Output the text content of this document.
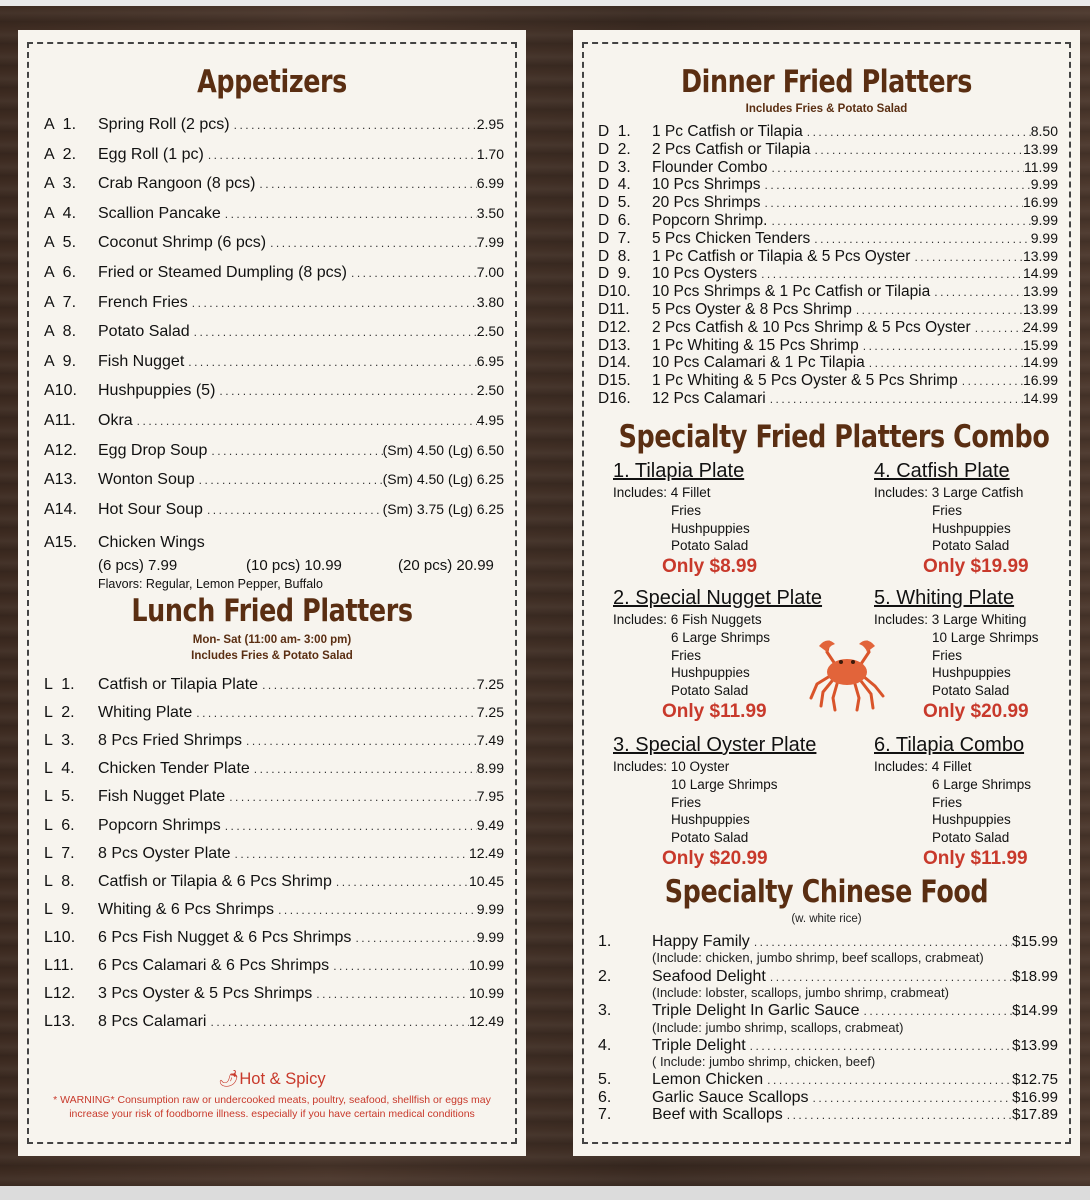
Appetizers
A  1.	Spring Roll (2 pcs) .....	2.95
A  2.	Egg Roll (1 pc) .....	1.70
A  3.	Crab Rangoon (8 pcs) .....	6.99
A  4.	Scallion Pancake .....	3.50
A  5.	Coconut Shrimp (6 pcs) .....	7.99
A  6.	Fried or Steamed Dumpling (8 pcs) .....	7.00
A  7.	French Fries .....	3.80
A  8.	Potato Salad .....	2.50
A  9.	Fish Nugget .....	6.95
A10.	Hushpuppies (5) .....	2.50
A11.	Okra .....	4.95
A12.	Egg Drop Soup .....	(Sm) 4.50 (Lg) 6.50
A13.	Wonton Soup .....	(Sm) 4.50 (Lg) 6.25
A14.	Hot Sour Soup .....	(Sm) 3.75 (Lg) 6.25
A15.	Chicken Wings
(6 pcs) 7.99	(10 pcs) 10.99	(20 pcs) 20.99
Flavors: Regular, Lemon Pepper, Buffalo
Lunch Fried Platters
Mon- Sat (11:00 am- 3:00 pm)
Includes Fries & Potato Salad
L  1.	Catfish or Tilapia Plate .....	7.25
L  2.	Whiting Plate .....	7.25
L  3.	8 Pcs Fried Shrimps .....	7.49
L  4.	Chicken Tender Plate .....	8.99
L  5.	Fish Nugget Plate .....	7.95
L  6.	Popcorn Shrimps .....	9.49
L  7.	8 Pcs Oyster Plate .....	12.49
L  8.	Catfish or Tilapia & 6 Pcs Shrimp .....	10.45
L  9.	Whiting & 6 Pcs Shrimps .....	9.99
L10.	6 Pcs Fish Nugget & 6 Pcs Shrimps .....	9.99
L11.	6 Pcs Calamari & 6 Pcs Shrimps .....	10.99
L12.	3 Pcs Oyster & 5 Pcs Shrimps .....	10.99
L13.	8 Pcs Calamari .....	12.49
🌶Hot & Spicy
* WARNING* Consumption raw or undercooked meats, poultry, seafood, shellfish or eggs may
increase your risk of foodborne illness. especially if you have certain medical conditions
Dinner Fried Platters
Includes Fries & Potato Salad
D  1.	1 Pc Catfish or Tilapia .....	8.50
D  2.	2 Pcs Catfish or Tilapia .....	13.99
D  3.	Flounder Combo .....	11.99
D  4.	10 Pcs Shrimps .....	9.99
D  5.	20 Pcs Shrimps .....	16.99
D  6.	Popcorn Shrimp. .....	9.99
D  7.	5 Pcs Chicken Tenders .....	9.99
D  8.	1 Pc Catfish or Tilapia & 5 Pcs Oyster .....	13.99
D  9.	10 Pcs Oysters .....	14.99
D10.	10 Pcs Shrimps & 1 Pc Catfish or Tilapia .....	13.99
D11.	5 Pcs Oyster & 8 Pcs Shrimp .....	13.99
D12.	2 Pcs Catfish & 10 Pcs Shrimp & 5 Pcs Oyster .....	24.99
D13.	1 Pc Whiting & 15 Pcs Shrimp .....	15.99
D14.	10 Pcs Calamari & 1 Pc Tilapia .....	14.99
D15.	1 Pc Whiting & 5 Pcs Oyster & 5 Pcs Shrimp .....	16.99
D16.	12 Pcs Calamari .....	14.99
Specialty Fried Platters Combo
1. Tilapia Plate
Includes: 4 Fillet
Fries
Hushpuppies
Potato Salad
Only $8.99
4. Catfish Plate
Includes: 3 Large Catfish
Fries
Hushpuppies
Potato Salad
Only $19.99
2. Special Nugget Plate
Includes: 6 Fish Nuggets
6 Large Shrimps
Fries
Hushpuppies
Potato Salad
Only $11.99
5. Whiting Plate
Includes: 3 Large Whiting
10 Large Shrimps
Fries
Hushpuppies
Potato Salad
Only $20.99
3. Special Oyster Plate
Includes: 10 Oyster
10 Large Shrimps
Fries
Hushpuppies
Potato Salad
Only $20.99
6. Tilapia Combo
Includes: 4 Fillet
6 Large Shrimps
Fries
Hushpuppies
Potato Salad
Only $11.99
Specialty Chinese Food
(w. white rice)
1.	Happy Family .....	$15.99
(Include: chicken, jumbo shrimp, beef scallops, crabmeat)
2.	Seafood Delight .....	$18.99
(Include: lobster, scallops, jumbo shrimp, crabmeat)
3.	Triple Delight In Garlic Sauce .....	$14.99
(Include: jumbo shrimp, scallops, crabmeat)
4.	Triple Delight .....	$13.99
( Include: jumbo shrimp, chicken, beef)
5.	Lemon Chicken .....	$12.75
6.	Garlic Sauce Scallops .....	$16.99
7.	Beef with Scallops .....	$17.89
